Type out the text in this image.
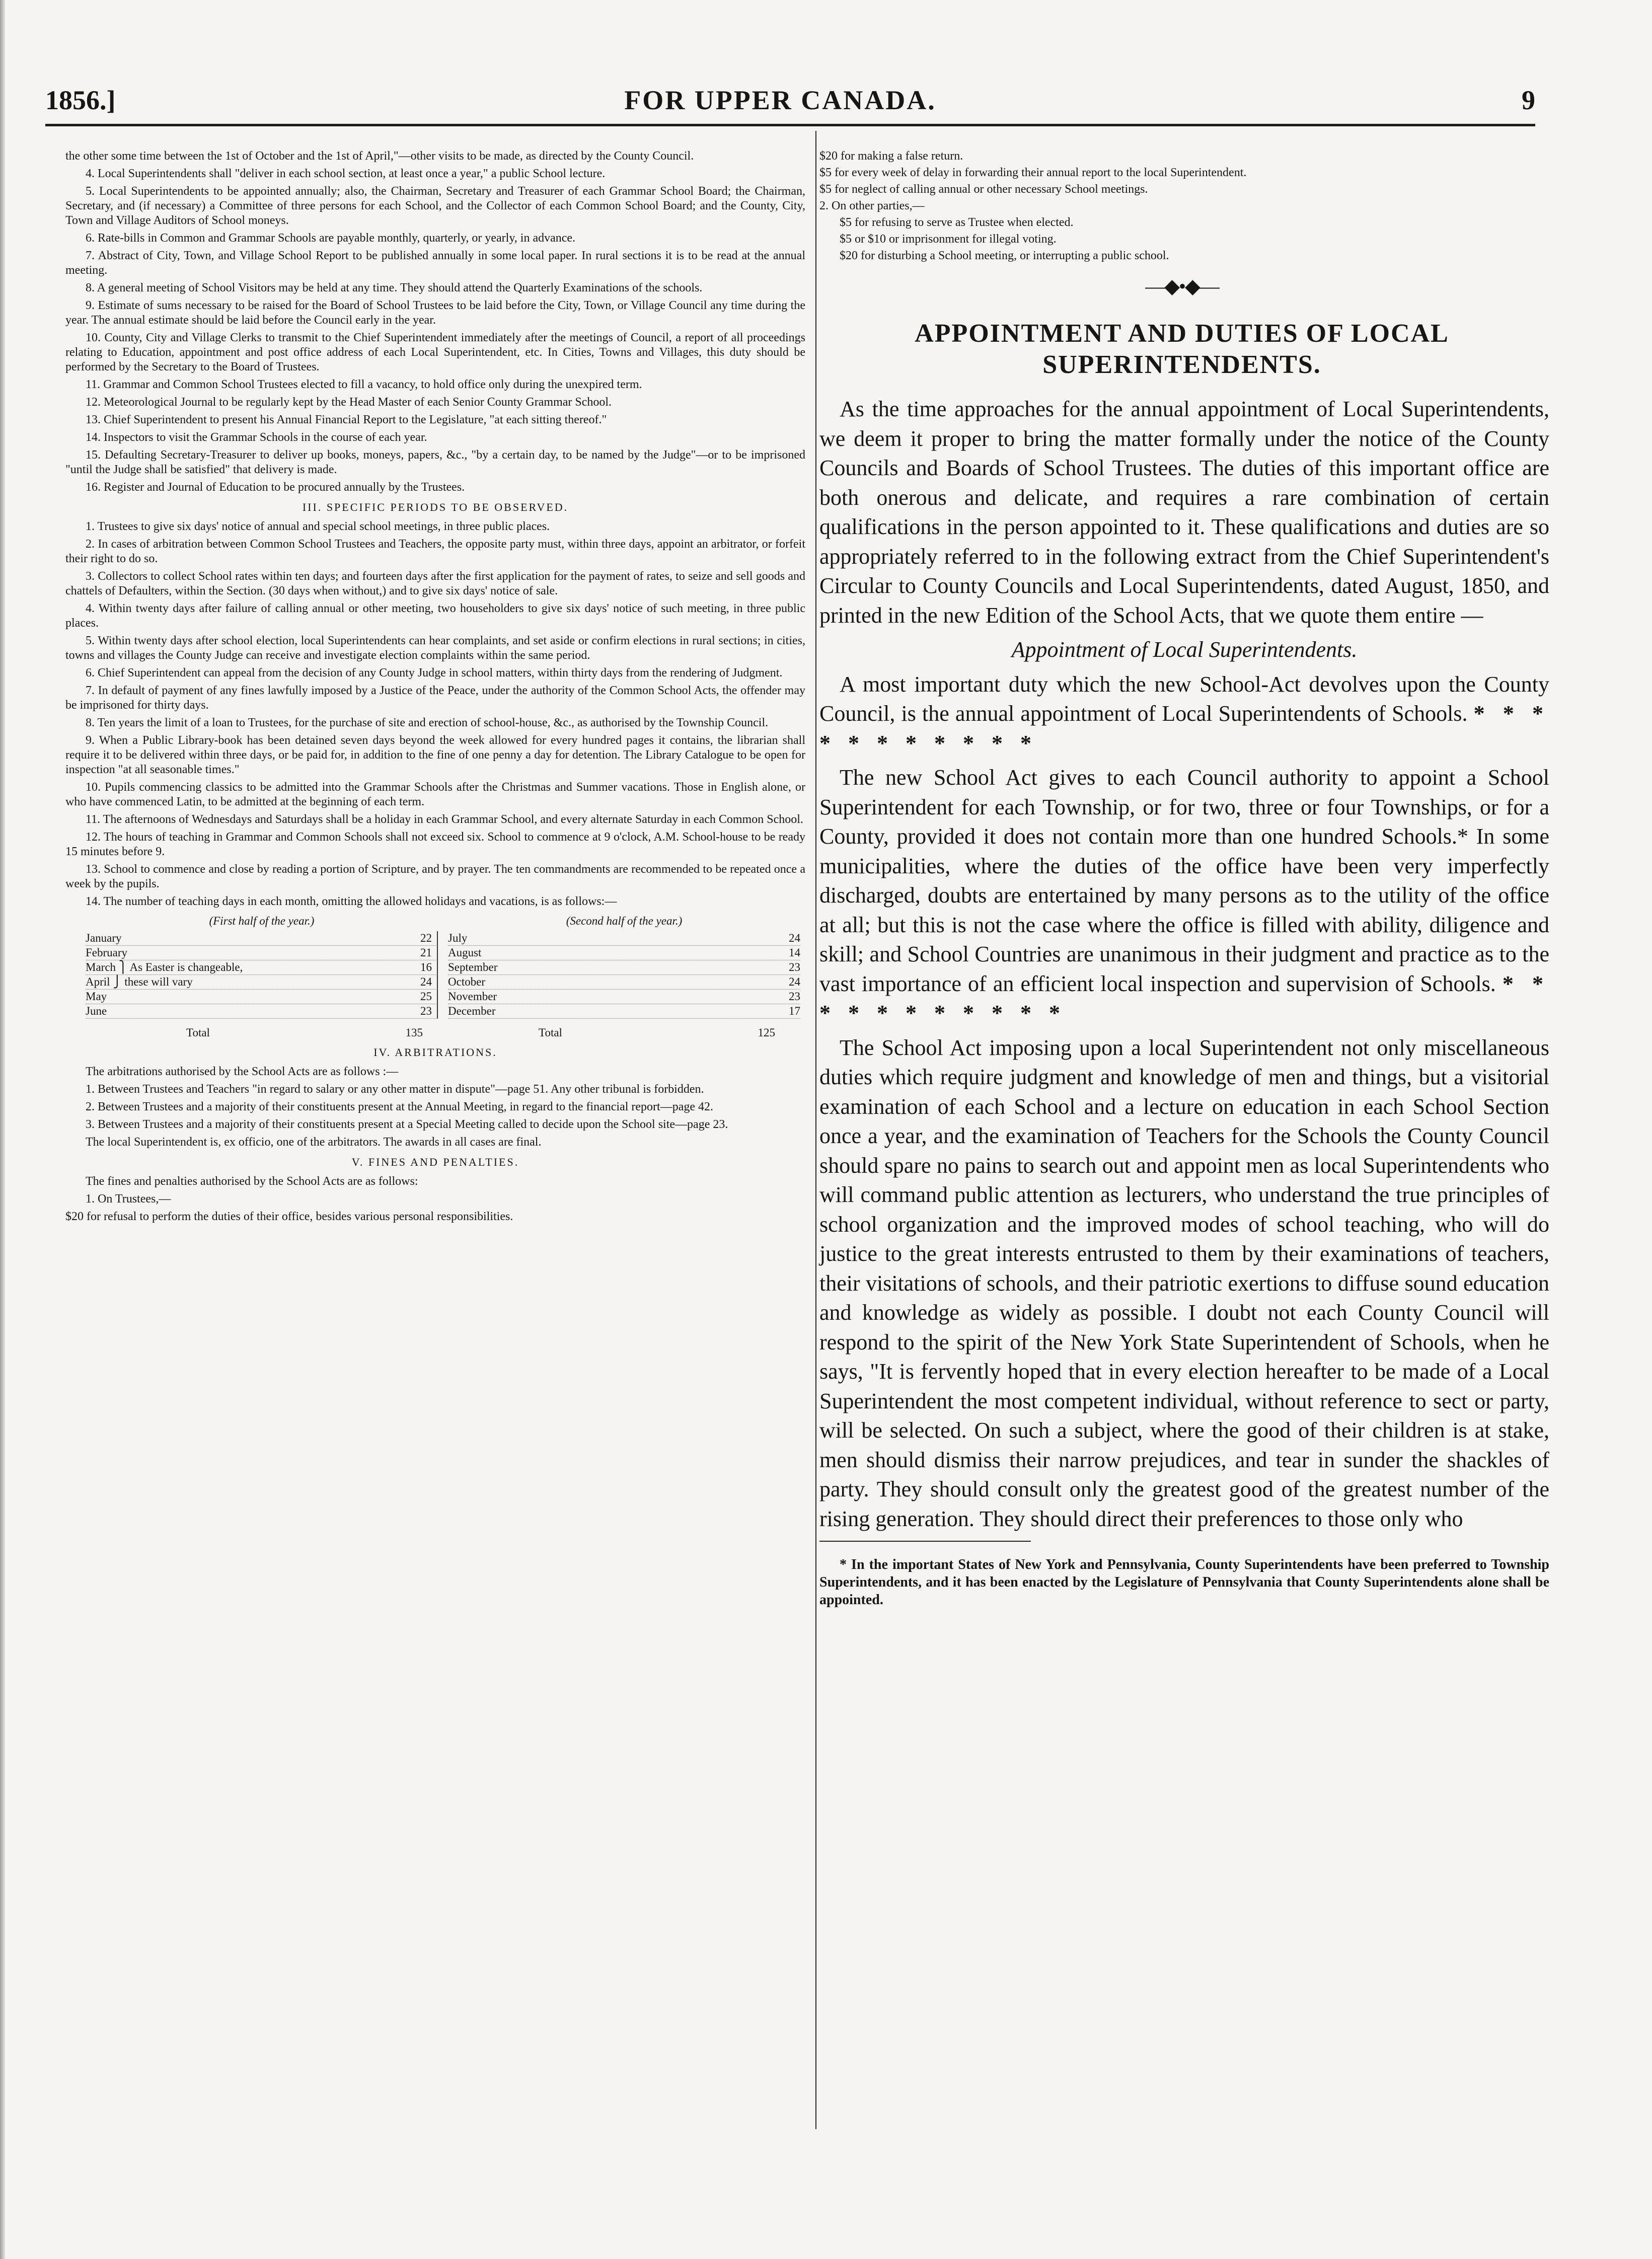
1856.]	FOR UPPER CANADA.	9

the other some time between the 1st of October and the 1st of April,"—other visits to be made, as directed by the County Council.

4. Local Superintendents shall "deliver in each school section, at least once a year," a public School lecture.

5. Local Superintendents to be appointed annually; also, the Chairman, Secretary and Treasurer of each Grammar School Board; the Chairman, Secretary, and (if necessary) a Committee of three persons for each School, and the Collector of each Common School Board; and the County, City, Town and Village Auditors of School moneys.

6. Rate-bills in Common and Grammar Schools are payable monthly, quarterly, or yearly, in advance.

7. Abstract of City, Town, and Village School Report to be published annually in some local paper. In rural sections it is to be read at the annual meeting.

8. A general meeting of School Visitors may be held at any time. They should attend the Quarterly Examinations of the schools.

9. Estimate of sums necessary to be raised for the Board of School Trustees to be laid before the City, Town, or Village Council any time during the year. The annual estimate should be laid before the Council early in the year.

10. County, City and Village Clerks to transmit to the Chief Superintendent immediately after the meetings of Council, a report of all proceedings relating to Education, appointment and post office address of each Local Superintendent, etc. In Cities, Towns and Villages, this duty should be performed by the Secretary to the Board of Trustees.

11. Grammar and Common School Trustees elected to fill a vacancy, to hold office only during the unexpired term.

12. Meteorological Journal to be regularly kept by the Head Master of each Senior County Grammar School.

13. Chief Superintendent to present his Annual Financial Report to the Legislature, "at each sitting thereof."

14. Inspectors to visit the Grammar Schools in the course of each year.

15. Defaulting Secretary-Treasurer to deliver up books, moneys, papers, &c., "by a certain day, to be named by the Judge"—or to be imprisoned "until the Judge shall be satisfied" that delivery is made.

16. Register and Journal of Education to be procured annually by the Trustees.

III. SPECIFIC PERIODS TO BE OBSERVED.

1. Trustees to give six days' notice of annual and special school meetings, in three public places.

2. In cases of arbitration between Common School Trustees and Teachers, the opposite party must, within three days, appoint an arbitrator, or forfeit their right to do so.

3. Collectors to collect School rates within ten days; and fourteen days after the first application for the payment of rates, to seize and sell goods and chattels of Defaulters, within the Section. (30 days when without,) and to give six days' notice of sale.

4. Within twenty days after failure of calling annual or other meeting, two householders to give six days' notice of such meeting, in three public places.

5. Within twenty days after school election, local Superintendents can hear complaints, and set aside or confirm elections in rural sections; in cities, towns and villages the County Judge can receive and investigate election complaints within the same period.

6. Chief Superintendent can appeal from the decision of any County Judge in school matters, within thirty days from the rendering of Judgment.

7. In default of payment of any fines lawfully imposed by a Justice of the Peace, under the authority of the Common School Acts, the offender may be imprisoned for thirty days.

8. Ten years the limit of a loan to Trustees, for the purchase of site and erection of school-house, &c., as authorised by the Township Council.

9. When a Public Library-book has been detained seven days beyond the week allowed for every hundred pages it contains, the librarian shall require it to be delivered within three days, or be paid for, in addition to the fine of one penny a day for detention. The Library Catalogue to be open for inspection "at all seasonable times."

10. Pupils commencing classics to be admitted into the Grammar Schools after the Christmas and Summer vacations. Those in English alone, or who have commenced Latin, to be admitted at the beginning of each term.

11. The afternoons of Wednesdays and Saturdays shall be a holiday in each Grammar School, and every alternate Saturday in each Common School.

12. The hours of teaching in Grammar and Common Schools shall not exceed six. School to commence at 9 o'clock, A.M. School-house to be ready 15 minutes before 9.

13. School to commence and close by reading a portion of Scripture, and by prayer. The ten commandments are recommended to be repeated once a week by the pupils.

14. The number of teaching days in each month, omitting the allowed holidays and vacations, is as follows:—

(First half of the year.)
January	22
February	21
March ⎫ As Easter is changeable,	16
April ⎭ these will vary	24
May	25
June	23
(Second half of the year.)
July	24
August	14
September	23
October	24
November	23
December	17
Total	135	Total	125
IV. ARBITRATIONS.

The arbitrations authorised by the School Acts are as follows :—

1. Between Trustees and Teachers "in regard to salary or any other matter in dispute"—page 51. Any other tribunal is forbidden.

2. Between Trustees and a majority of their constituents present at the Annual Meeting, in regard to the financial report—page 42.

3. Between Trustees and a majority of their constituents present at a Special Meeting called to decide upon the School site—page 23.

The local Superintendent is, ex officio, one of the arbitrators. The awards in all cases are final.

V. FINES AND PENALTIES.

The fines and penalties authorised by the School Acts are as follows:

1. On Trustees,—

$20 for refusal to perform the duties of their office, besides various personal responsibilities.

$20 for making a false return.

$5 for every week of delay in forwarding their annual report to the local Superintendent.

$5 for neglect of calling annual or other necessary School meetings.

2. On other parties,—

$5 for refusing to serve as Trustee when elected.

$5 or $10 or imprisonment for illegal voting.

$20 for disturbing a School meeting, or interrupting a public school.

—◆•◆—
APPOINTMENT AND DUTIES OF LOCAL SUPERINTENDENTS.

As the time approaches for the annual appointment of Local Superintendents, we deem it proper to bring the matter formally under the notice of the County Councils and Boards of School Trustees. The duties of this important office are both onerous and delicate, and requires a rare combination of certain qualifications in the person appointed to it. These qualifications and duties are so appropriately referred to in the following extract from the Chief Superintendent's Circular to County Councils and Local Superintendents, dated August, 1850, and printed in the new Edition of the School Acts, that we quote them entire —

Appointment of Local Superintendents.

A most important duty which the new School-Act devolves upon the County Council, is the annual appointment of Local Superintendents of Schools. * * * * * * * * * * *

The new School Act gives to each Council authority to appoint a School Superintendent for each Township, or for two, three or four Townships, or for a County, provided it does not contain more than one hundred Schools.* In some municipalities, where the duties of the office have been very imperfectly discharged, doubts are entertained by many persons as to the utility of the office at all; but this is not the case where the office is filled with ability, diligence and skill; and School Countries are unanimous in their judgment and practice as to the vast importance of an efficient local inspection and supervision of Schools. * * * * * * * * * * *

The School Act imposing upon a local Superintendent not only miscellaneous duties which require judgment and knowledge of men and things, but a visitorial examination of each School and a lecture on education in each School Section once a year, and the examination of Teachers for the Schools the County Council should spare no pains to search out and appoint men as local Superintendents who will command public attention as lecturers, who understand the true principles of school organization and the improved modes of school teaching, who will do justice to the great interests entrusted to them by their examinations of teachers, their visitations of schools, and their patriotic exertions to diffuse sound education and knowledge as widely as possible. I doubt not each County Council will respond to the spirit of the New York State Superintendent of Schools, when he says, "It is fervently hoped that in every election hereafter to be made of a Local Superintendent the most competent individual, without reference to sect or party, will be selected. On such a subject, where the good of their children is at stake, men should dismiss their narrow prejudices, and tear in sunder the shackles of party. They should consult only the greatest good of the greatest number of the rising generation. They should direct their preferences to those only who

* In the important States of New York and Pennsylvania, County Superintendents have been preferred to Township Superintendents, and it has been enacted by the Legislature of Pennsylvania that County Superintendents alone shall be appointed.
